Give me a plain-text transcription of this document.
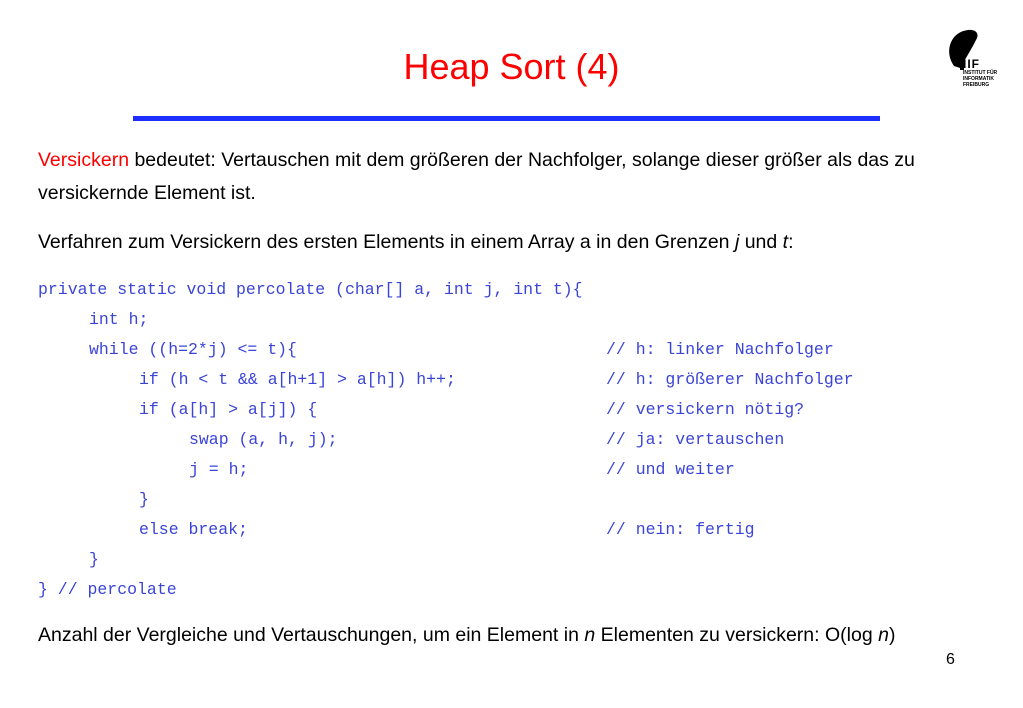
Heap Sort (4)	IIF
INSTITUT FÜR
INFORMATIK
FREIBURG
Versickern bedeutet: Vertauschen mit dem größeren der Nachfolger, solange dieser größer als das zu versickernde Element ist.
Verfahren zum Versickern des ersten Elements in einem Array a in den Grenzen j und t:

private static void percolate (char[] a, int j, int t){

int h;

while ((h=2*j) <= t){

	// h: linker Nachfolger

if (h < t && a[h+1] > a[h]) h++;

	// h: größerer Nachfolger

if (a[h] > a[j]) {

	// versickern nötig?

swap (a, h, j);

	// ja: vertauschen

j = h;

	// und weiter

}

else break;

	// nein: fertig

}

} // percolate

Anzahl der Vergleiche und Vertauschungen, um ein Element in n Elementen zu versickern: O(log n)
6
